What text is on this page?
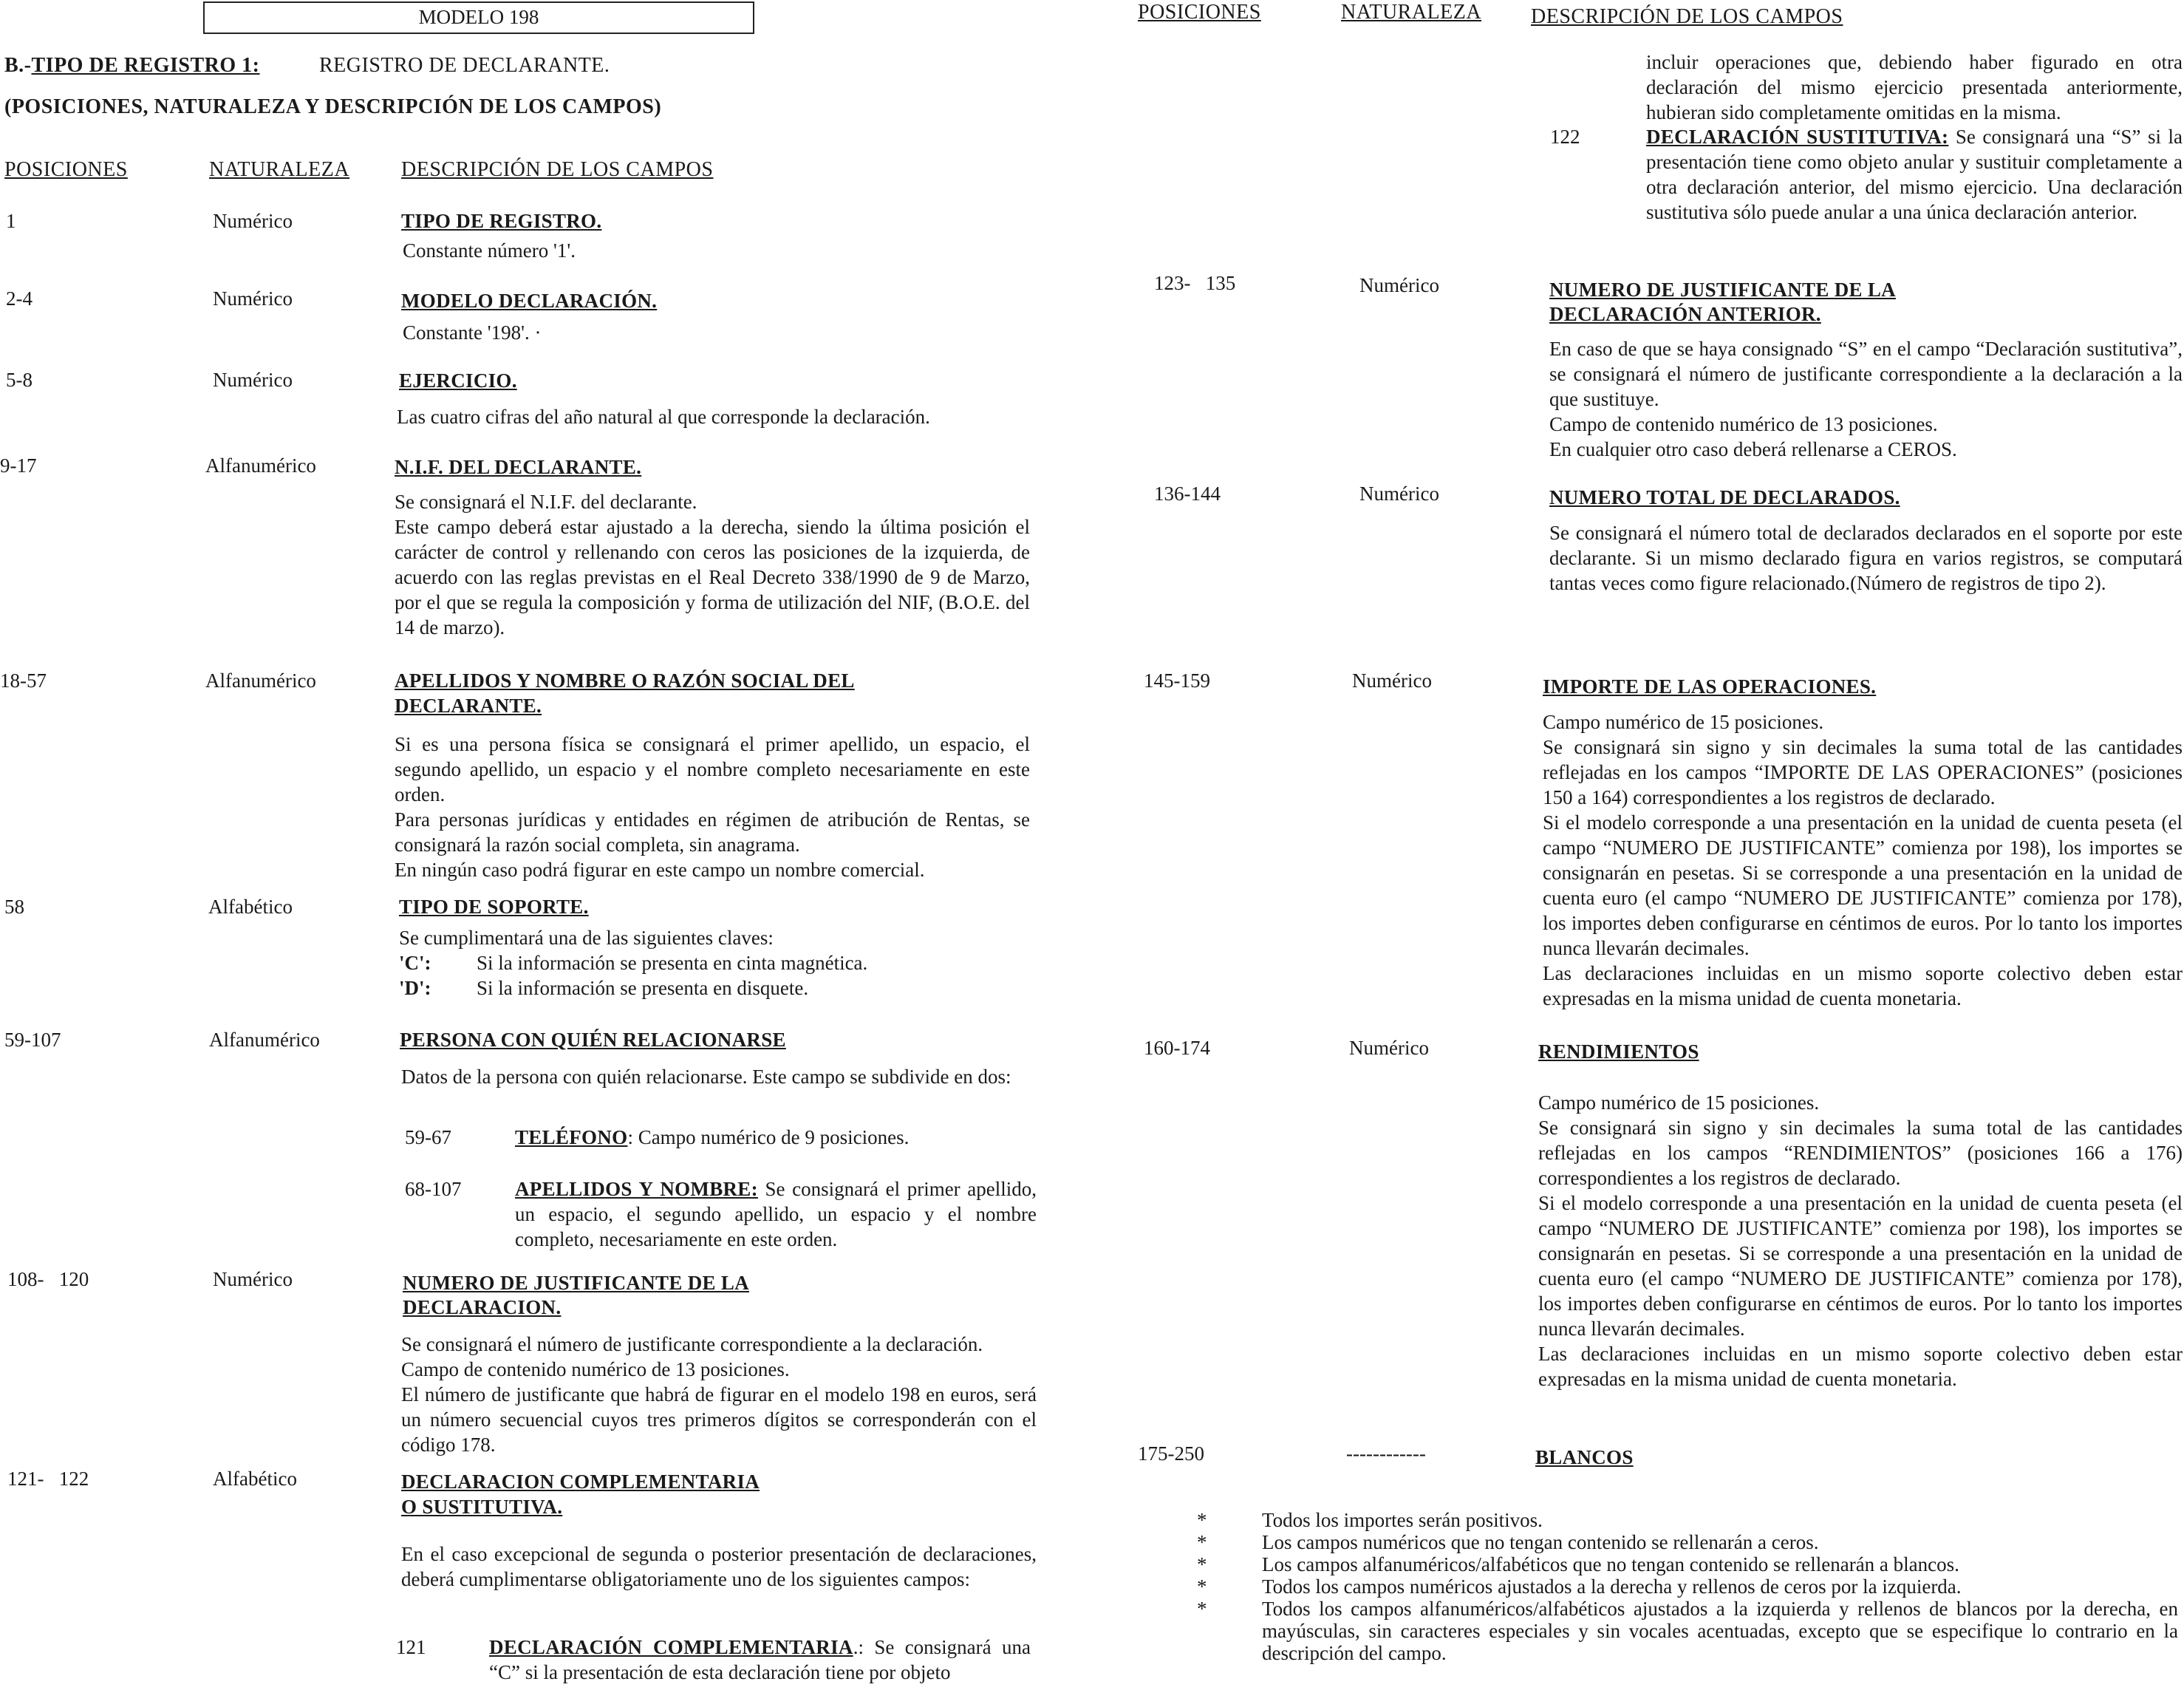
MODELO 198
B.-TIPO DE REGISTRO 1:	REGISTRO DE DECLARANTE.
(POSICIONES, NATURALEZA Y DESCRIPCIÓN DE LOS CAMPOS)
POSICIONES	NATURALEZA DESCRIPCIÓN DE LOS CAMPOS
1	Numérico	TIPO DE REGISTRO.
Constante número '1'.
2-4	Numérico	MODELO DECLARACIÓN.
Constante '198'. ·
5-8	Numérico	EJERCICIO.
Las cuatro cifras del año natural al que corresponde la declaración.
9-17	Alfanumérico	N.I.F. DEL DECLARANTE.
Se consignará el N.I.F. del declarante.
Este campo deberá estar ajustado a la derecha, siendo la última posición el carácter de control y rellenando con ceros las posiciones de la izquierda, de acuerdo con las reglas previstas en el Real Decreto 338/1990 de 9 de Marzo, por el que se regula la composición y forma de utilización del NIF, (B.O.E. del 14 de marzo).
18-57	Alfanumérico	APELLIDOS Y NOMBRE O RAZÓN SOCIAL DEL
DECLARANTE.
Si es una persona física se consignará el primer apellido, un espacio, el segundo apellido, un espacio y el nombre completo necesariamente en este orden.
Para personas jurídicas y entidades en régimen de atribución de Rentas, se consignará la razón social completa, sin anagrama.
En ningún caso podrá figurar en este campo un nombre comercial.
58	Alfabético	TIPO DE SOPORTE.
Se cumplimentará una de las siguientes claves:
'C': Si la información se presenta en cinta magnética.
'D': Si la información se presenta en disquete.
59-107	Alfanumérico	PERSONA CON QUIÉN RELACIONARSE
Datos de la persona con quién relacionarse. Este campo se subdivide en dos:
59-67	TELÉFONO: Campo numérico de 9 posiciones.
68-107	APELLIDOS Y NOMBRE: Se consignará el primer apellido, un espacio, el segundo apellido, un espacio y el nombre completo, necesariamente en este orden.
108-   120	Numérico	NUMERO DE JUSTIFICANTE DE LA
DECLARACION.
Se consignará el número de justificante correspondiente a la declaración.
Campo de contenido numérico de 13 posiciones.
El número de justificante que habrá de figurar en el modelo 198 en euros, será un número secuencial cuyos tres primeros dígitos se corresponderán con el código 178.
121-   122	Alfabético	DECLARACION COMPLEMENTARIA
O SUSTITUTIVA.
En el caso excepcional de segunda o posterior presentación de declaraciones, deberá cumplimentarse obligatoriamente uno de los siguientes campos:
121	DECLARACIÓN COMPLEMENTARIA.: Se consignará una “C” si la presentación de esta declaración tiene por objeto
POSICIONES	NATURALEZA DESCRIPCIÓN DE LOS CAMPOS
incluir operaciones que, debiendo haber figurado en otra declaración del mismo ejercicio presentada anteriormente, hubieran sido completamente omitidas en la misma.
122	DECLARACIÓN SUSTITUTIVA: Se consignará una “S” si la presentación tiene como objeto anular y sustituir completamente a otra declaración anterior, del mismo ejercicio. Una declaración sustitutiva sólo puede anular a una única declaración anterior.
123-   135	Numérico	NUMERO DE JUSTIFICANTE DE LA
DECLARACIÓN ANTERIOR.
En caso de que se haya consignado “S” en el campo “Declaración sustitutiva”, se consignará el número de justificante correspondiente a la declaración a la que sustituye.
Campo de contenido numérico de 13 posiciones.
En cualquier otro caso deberá rellenarse a CEROS.
136-144	Numérico	NUMERO TOTAL DE DECLARADOS.
Se consignará el número total de declarados declarados en el soporte por este declarante. Si un mismo declarado figura en varios registros, se computará tantas veces como figure relacionado.(Número de registros de tipo 2).
145-159	Numérico	IMPORTE DE LAS OPERACIONES.
Campo numérico de 15 posiciones.
Se consignará sin signo y sin decimales la suma total de las cantidades reflejadas en los campos “IMPORTE DE LAS OPERACIONES” (posiciones 150 a 164) correspondientes a los registros de declarado.
Si el modelo corresponde a una presentación en la unidad de cuenta peseta (el campo “NUMERO DE JUSTIFICANTE” comienza por 198), los importes se consignarán en pesetas. Si se corresponde a una presentación en la unidad de cuenta euro (el campo “NUMERO DE JUSTIFICANTE” comienza por 178), los importes deben configurarse en céntimos de euros. Por lo tanto los importes nunca llevarán decimales.
Las declaraciones incluidas en un mismo soporte colectivo deben estar expresadas en la misma unidad de cuenta monetaria.
160-174	Numérico	RENDIMIENTOS
Campo numérico de 15 posiciones.
Se consignará sin signo y sin decimales la suma total de las cantidades reflejadas en los campos “RENDIMIENTOS” (posiciones 166 a 176) correspondientes a los registros de declarado.
Si el modelo corresponde a una presentación en la unidad de cuenta peseta (el campo “NUMERO DE JUSTIFICANTE” comienza por 198), los importes se consignarán en pesetas. Si se corresponde a una presentación en la unidad de cuenta euro (el campo “NUMERO DE JUSTIFICANTE” comienza por 178), los importes deben configurarse en céntimos de euros. Por lo tanto los importes nunca llevarán decimales.
Las declaraciones incluidas en un mismo soporte colectivo deben estar expresadas en la misma unidad de cuenta monetaria.
175-250	------------	BLANCOS
*	Todos los importes serán positivos.
*	Los campos numéricos que no tengan contenido se rellenarán a ceros.
*	Los campos alfanuméricos/alfabéticos que no tengan contenido se rellenarán a blancos.
*	Todos los campos numéricos ajustados a la derecha y rellenos de ceros por la izquierda.
*	Todos los campos alfanuméricos/alfabéticos ajustados a la izquierda y rellenos de blancos por la derecha, en mayúsculas, sin caracteres especiales y sin vocales acentuadas, excepto que se especifique lo contrario en la descripción del campo.
